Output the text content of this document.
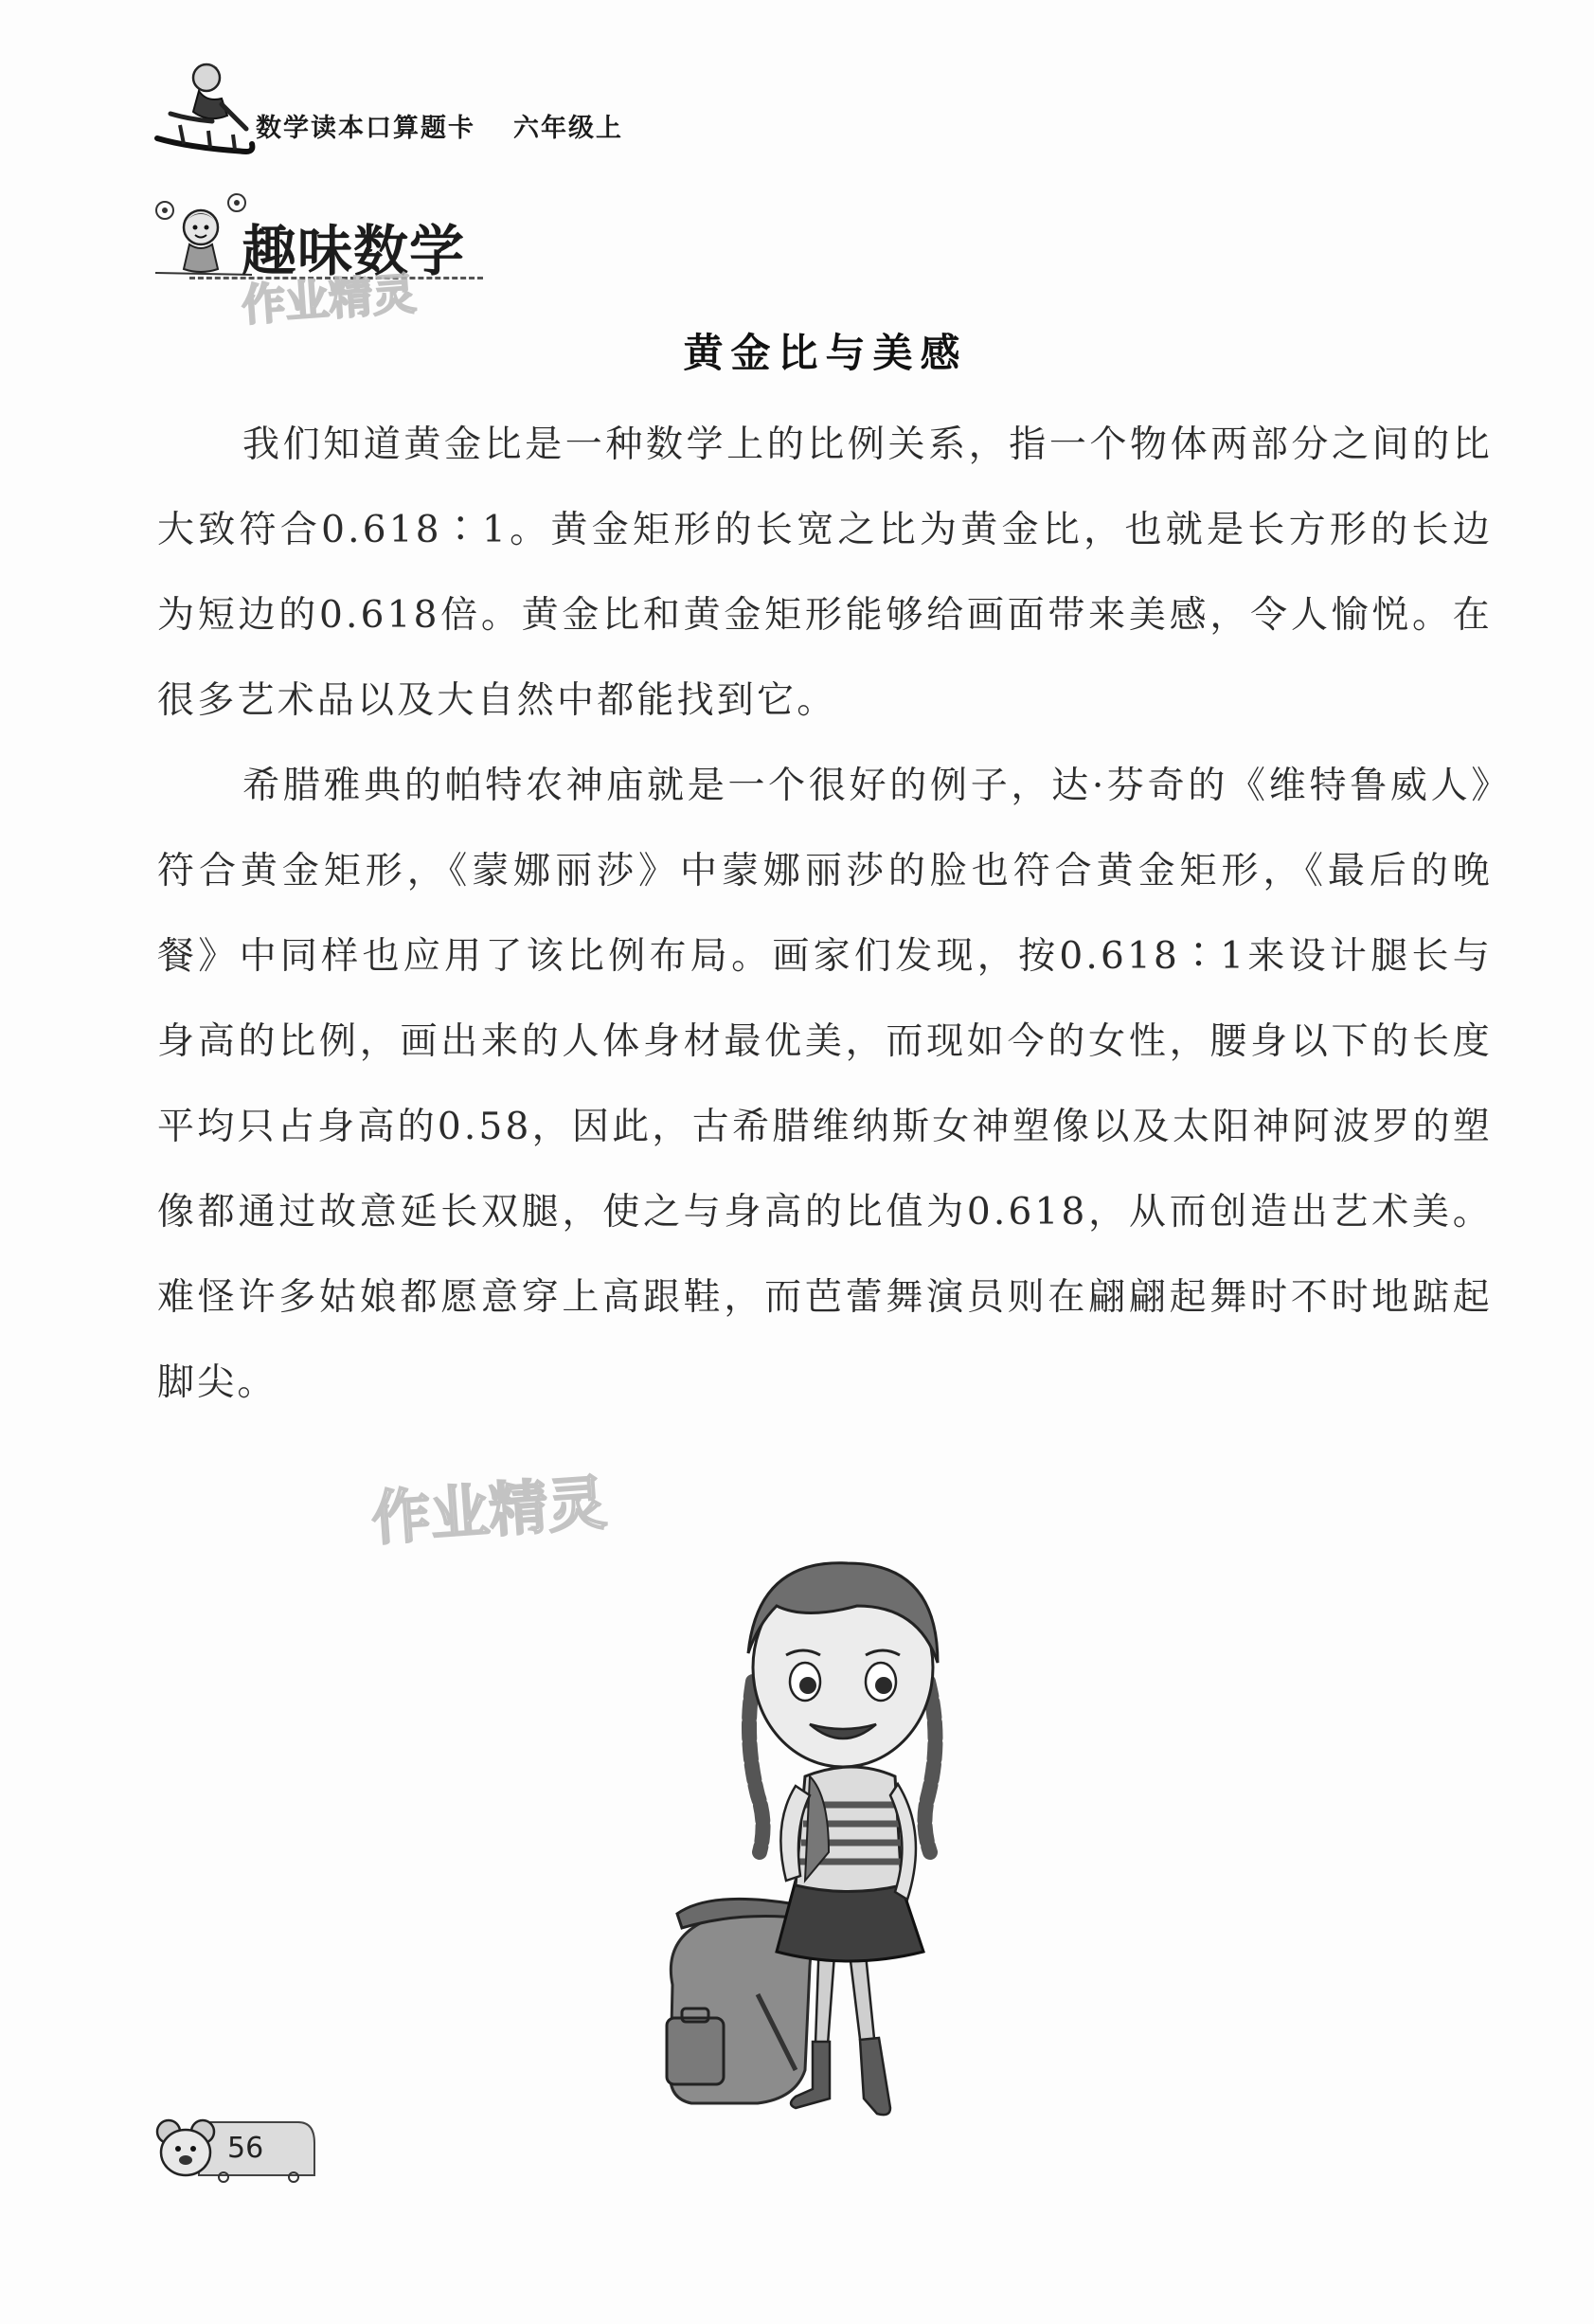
数学读本口算题卡 六年级上
趣味数学
作业精灵
黄金比与美感

我们知道黄金比是一种数学上的比例关系，指一个物体两部分之间的比大致符合0.618∶1。黄金矩形的长宽之比为黄金比，也就是长方形的长边为短边的0.618倍。黄金比和黄金矩形能够给画面带来美感，令人愉悦。在很多艺术品以及大自然中都能找到它。

希腊雅典的帕特农神庙就是一个很好的例子，达·芬奇的《维特鲁威人》符合黄金矩形，《蒙娜丽莎》中蒙娜丽莎的脸也符合黄金矩形，《最后的晚餐》中同样也应用了该比例布局。画家们发现，按0.618∶1来设计腿长与身高的比例，画出来的人体身材最优美，而现如今的女性，腰身以下的长度平均只占身高的0.58，因此，古希腊维纳斯女神塑像以及太阳神阿波罗的塑像都通过故意延长双腿，使之与身高的比值为0.618，从而创造出艺术美。难怪许多姑娘都愿意穿上高跟鞋，而芭蕾舞演员则在翩翩起舞时不时地踮起脚尖。

作业精灵
56
